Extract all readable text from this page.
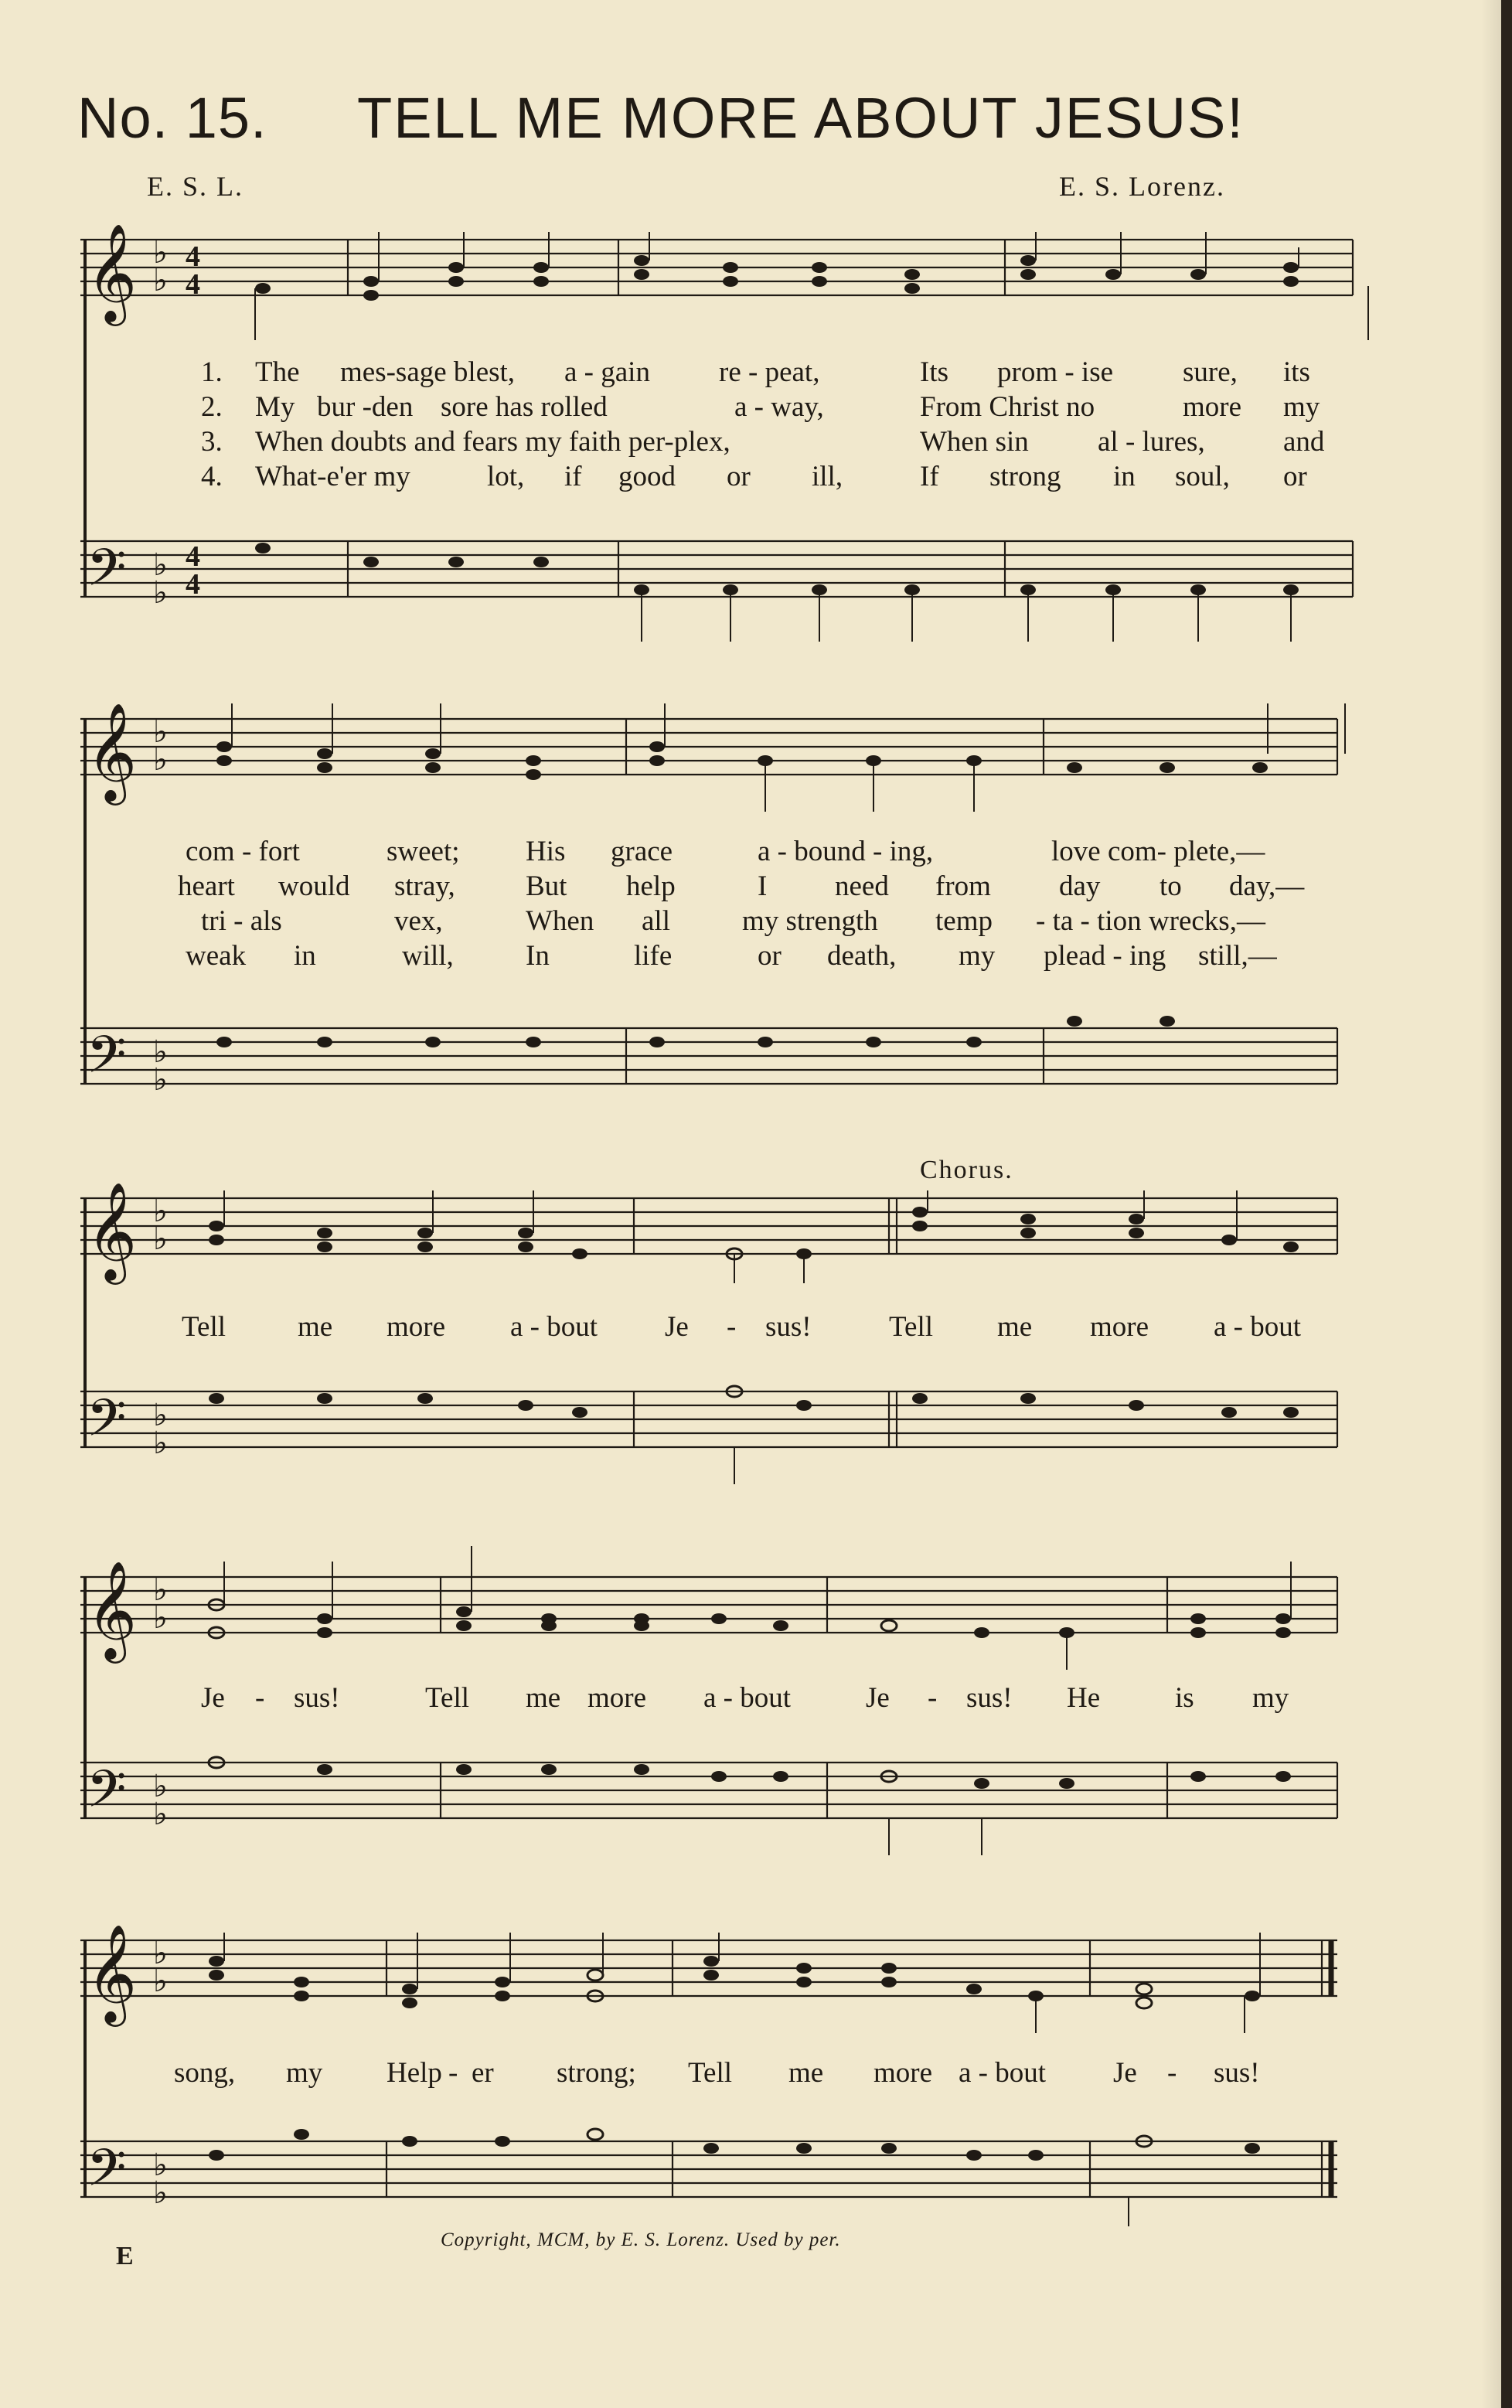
No. 15. TELL ME MORE ABOUT JESUS!
E. S. L.	E. S. Lorenz.
𝄞
𝄢
♭
♭
♭
♭
4
4
4
4
1. The mes-sage blest, a - gain re - peat,	Its prom - ise sure, its
2. My bur -den sore has rolled	a - way,	From Christ no	more my
3. When doubts and fears my faith per-plex,	When sin al - lures,	and
4. What-e'er my	lot, if good or ill,	If strong in soul, or
𝄞
𝄢
♭
♭
♭
♭
com - fort	sweet; His grace	a - bound - ing,	love com- plete,—
heart would stray, But help	I need from day to day,—
tri - als	vex,	When all	my strength temp - ta - tion wrecks,—
weak in	will,	In	life	or death, my plead - ing still,—
Chorus.
𝄞
𝄢
♭
♭
♭
♭
Tell	me more a - bout Je - sus!	Tell me more a - bout
𝄞
𝄢
♭
♭
♭
♭
Je - sus!	Tell me more a - bout	Je - sus! He	is my
𝄞
𝄢
♭
♭
♭
♭
song, my Help - er strong; Tell me more a - bout Je - sus!
E
Copyright, MCM, by E. S. Lorenz. Used by per.
